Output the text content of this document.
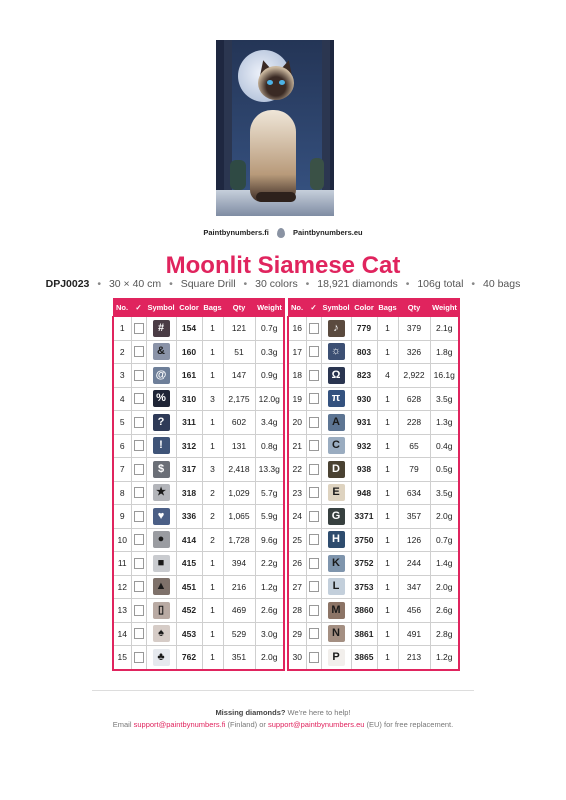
Paintbynumbers.fi	Paintbynumbers.eu
Moonlit Siamese Cat
DPJ0023 • 30 × 40 cm • Square Drill • 30 colors • 18,921 diamonds • 106g total • 40 bags
No.	✓	Symbol	Color	Bags	Qty	Weight
1		#	154	1	121	0.7g
2		&	160	1	51	0.3g
3		@	161	1	147	0.9g
4		%	310	3	2,175	12.0g
5		?	311	1	602	3.4g
6		!	312	1	131	0.8g
7		$	317	3	2,418	13.3g
8		★	318	2	1,029	5.7g
9		♥	336	2	1,065	5.9g
10		●	414	2	1,728	9.6g
11		■	415	1	394	2.2g
12		▲	451	1	216	1.2g
13		▯	452	1	469	2.6g
14		♠	453	1	529	3.0g
15		♣	762	1	351	2.0g
No.	✓	Symbol	Color	Bags	Qty	Weight
16		♪	779	1	379	2.1g
17		☼	803	1	326	1.8g
18		Ω	823	4	2,922	16.1g
19		π	930	1	628	3.5g
20		A	931	1	228	1.3g
21		C	932	1	65	0.4g
22		D	938	1	79	0.5g
23		E	948	1	634	3.5g
24		G	3371	1	357	2.0g
25		H	3750	1	126	0.7g
26		K	3752	1	244	1.4g
27		L	3753	1	347	2.0g
28		M	3860	1	456	2.6g
29		N	3861	1	491	2.8g
30		P	3865	1	213	1.2g
Missing diamonds? We're here to help!
Email support@paintbynumbers.fi (Finland) or support@paintbynumbers.eu (EU) for free replacement.
